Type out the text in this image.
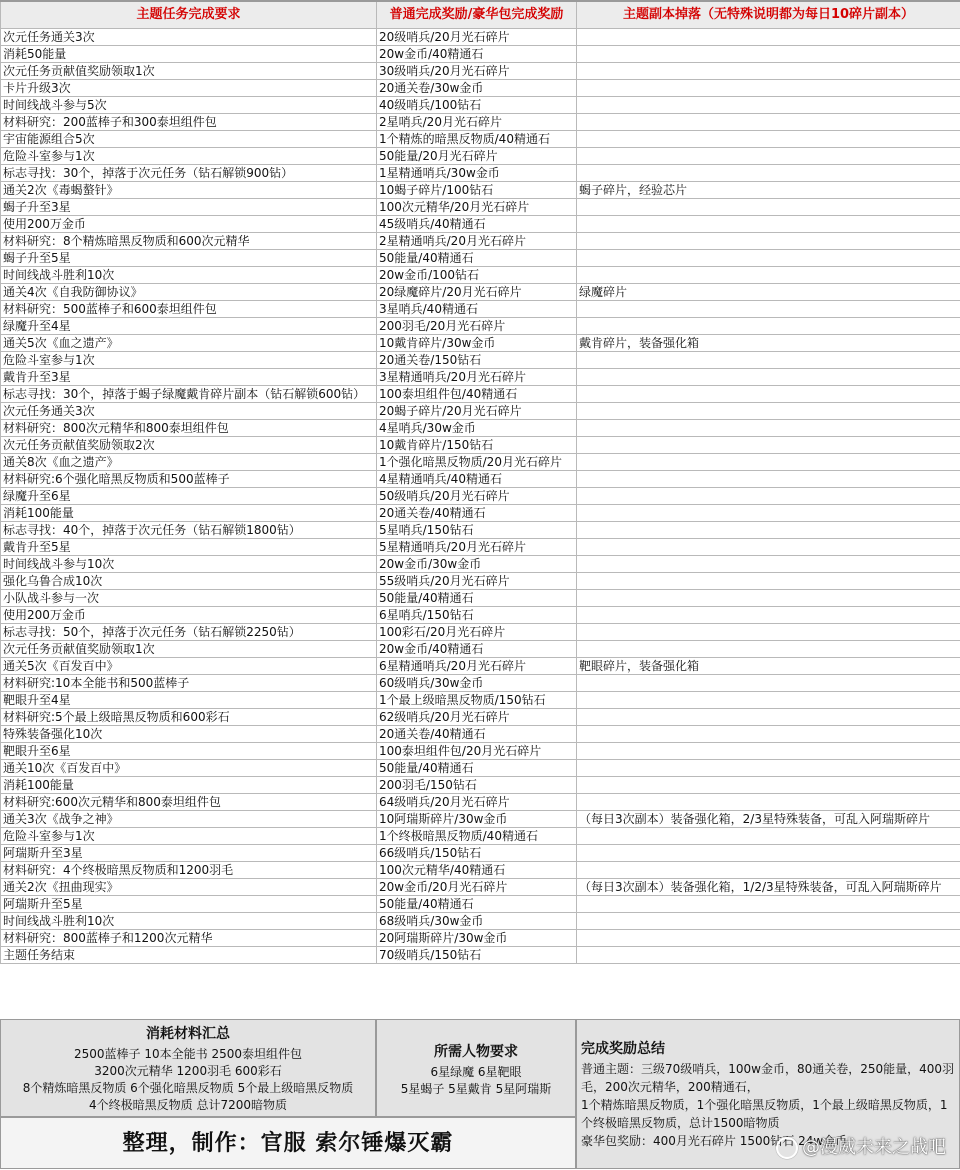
主题任务完成要求	普通完成奖励/豪华包完成奖励	主题副本掉落（无特殊说明都为每日10碎片副本）
次元任务通关3次	20级哨兵/20月光石碎片	
消耗50能量	20w金币/40精通石	
次元任务贡献值奖励领取1次	30级哨兵/20月光石碎片	
卡片升级3次	20通关卷/30w金币	
时间线战斗参与5次	40级哨兵/100钻石	
材料研究：200蓝棒子和300泰坦组件包	2星哨兵/20月光石碎片	
宇宙能源组合5次	1个精炼的暗黑反物质/40精通石	
危险斗室参与1次	50能量/20月光石碎片	
标志寻找：30个，掉落于次元任务（钻石解锁900钻）	1星精通哨兵/30w金币	
通关2次《毒蝎螯针》	10蝎子碎片/100钻石	蝎子碎片，经验芯片
蝎子升至3星	100次元精华/20月光石碎片	
使用200万金币	45级哨兵/40精通石	
材料研究：8个精炼暗黑反物质和600次元精华	2星精通哨兵/20月光石碎片	
蝎子升至5星	50能量/40精通石	
时间线战斗胜利10次	20w金币/100钻石	
通关4次《自我防御协议》	20绿魔碎片/20月光石碎片	绿魔碎片
材料研究：500蓝棒子和600泰坦组件包	3星哨兵/40精通石	
绿魔升至4星	200羽毛/20月光石碎片	
通关5次《血之遗产》	10戴肯碎片/30w金币	戴肯碎片，装备强化箱
危险斗室参与1次	20通关卷/150钻石	
戴肯升至3星	3星精通哨兵/20月光石碎片	
标志寻找：30个，掉落于蝎子绿魔戴肯碎片副本（钻石解锁600钻）	100泰坦组件包/40精通石	
次元任务通关3次	20蝎子碎片/20月光石碎片	
材料研究：800次元精华和800泰坦组件包	4星哨兵/30w金币	
次元任务贡献值奖励领取2次	10戴肯碎片/150钻石	
通关8次《血之遗产》	1个强化暗黑反物质/20月光石碎片	
材料研究:6个强化暗黑反物质和500蓝棒子	4星精通哨兵/40精通石	
绿魔升至6星	50级哨兵/20月光石碎片	
消耗100能量	20通关卷/40精通石	
标志寻找：40个，掉落于次元任务（钻石解锁1800钻）	5星哨兵/150钻石	
戴肯升至5星	5星精通哨兵/20月光石碎片	
时间线战斗参与10次	20w金币/30w金币	
强化乌鲁合成10次	55级哨兵/20月光石碎片	
小队战斗参与一次	50能量/40精通石	
使用200万金币	6星哨兵/150钻石	
标志寻找：50个，掉落于次元任务（钻石解锁2250钻）	100彩石/20月光石碎片	
次元任务贡献值奖励领取1次	20w金币/40精通石	
通关5次《百发百中》	6星精通哨兵/20月光石碎片	靶眼碎片，装备强化箱
材料研究:10本全能书和500蓝棒子	60级哨兵/30w金币	
靶眼升至4星	1个最上级暗黑反物质/150钻石	
材料研究:5个最上级暗黑反物质和600彩石	62级哨兵/20月光石碎片	
特殊装备强化10次	20通关卷/40精通石	
靶眼升至6星	100泰坦组件包/20月光石碎片	
通关10次《百发百中》	50能量/40精通石	
消耗100能量	200羽毛/150钻石	
材料研究:600次元精华和800泰坦组件包	64级哨兵/20月光石碎片	
通关3次《战争之神》	10阿瑞斯碎片/30w金币	（每日3次副本）装备强化箱，2/3星特殊装备，可乱入阿瑞斯碎片
危险斗室参与1次	1个终极暗黑反物质/40精通石	
阿瑞斯升至3星	66级哨兵/150钻石	
材料研究：4个终极暗黑反物质和1200羽毛	100次元精华/40精通石	
通关2次《扭曲现实》	20w金币/20月光石碎片	（每日3次副本）装备强化箱，1/2/3星特殊装备，可乱入阿瑞斯碎片
阿瑞斯升至5星	50能量/40精通石	
时间线战斗胜利10次	68级哨兵/30w金币	
材料研究：800蓝棒子和1200次元精华	20阿瑞斯碎片/30w金币	
主题任务结束	70级哨兵/150钻石	
消耗材料汇总
2500蓝棒子 10本全能书 2500泰坦组件包
3200次元精华 1200羽毛 600彩石
8个精炼暗黑反物质 6个强化暗黑反物质 5个最上级暗黑反物质
4个终极暗黑反物质 总计7200暗物质
所需人物要求
6星绿魔 6星靶眼
5星蝎子 5星戴肯 5星阿瑞斯
完成奖励总结
普通主题：三级70级哨兵，100w金币，80通关卷，250能量，400羽毛，200次元精华，200精通石，
1个精炼暗黑反物质，1个强化暗黑反物质，1个最上级暗黑反物质，1个终极暗黑反物质，总计1500暗物质
豪华包奖励：400月光石碎片 1500钻石 24w金币
整理，制作：官服 索尔锤爆灭霸	@漫威未来之战吧
